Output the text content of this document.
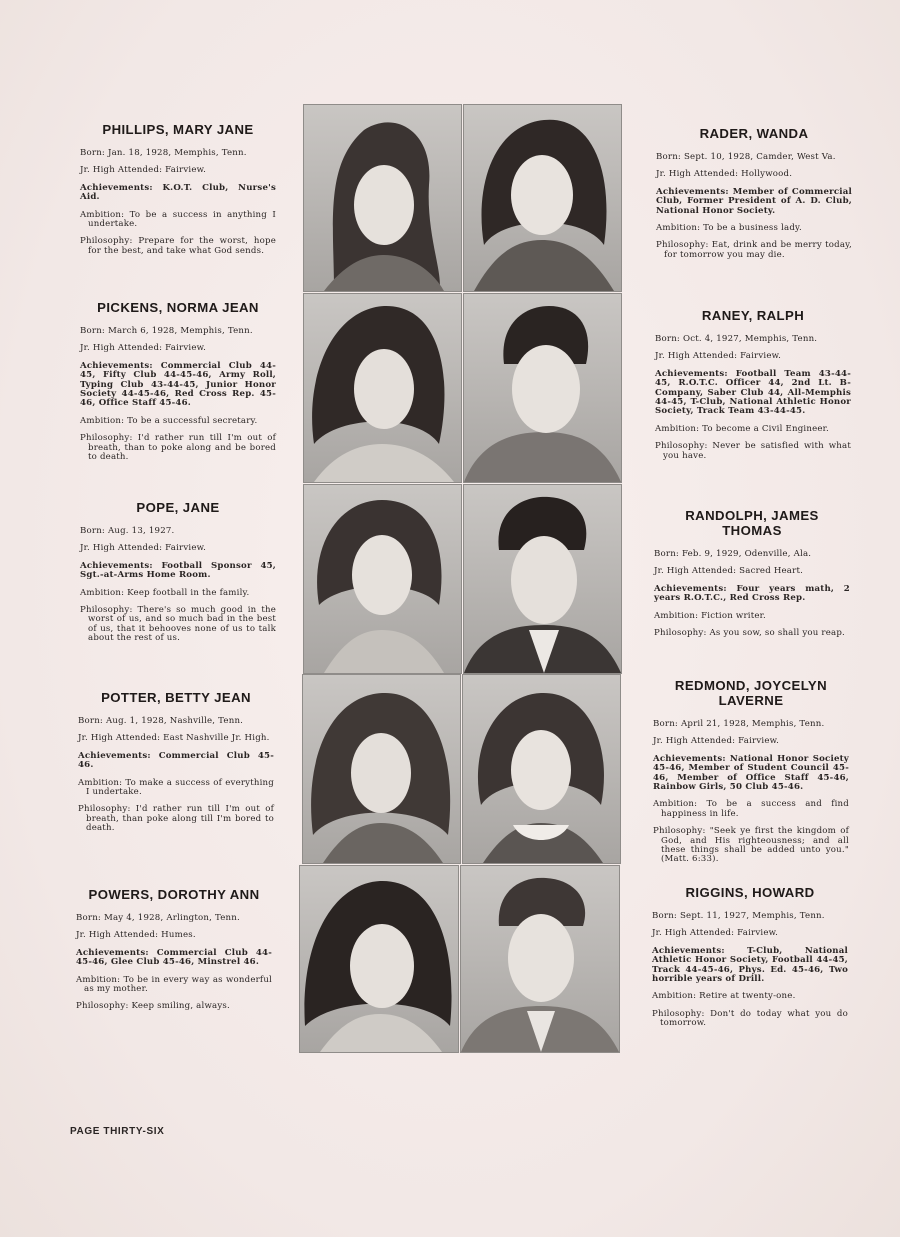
PHILLIPS, MARY JANE

Born: Jan. 18, 1928, Memphis, Tenn.

Jr. High Attended: Fairview.

Achievements: K.O.T. Club, Nurse's Aid.

Ambition: To be a success in anything I undertake.

Philosophy: Prepare for the worst, hope for the best, and take what God sends.

PICKENS, NORMA JEAN

Born: March 6, 1928, Memphis, Tenn.

Jr. High Attended: Fairview.

Achievements: Commercial Club 44-45, Fifty Club 44-45-46, Army Roll, Typing Club 43-44-45, Junior Honor Society 44-45-46, Red Cross Rep. 45-46, Office Staff 45-46.

Ambition: To be a successful secretary.

Philosophy: I'd rather run till I'm out of breath, than to poke along and be bored to death.

POPE, JANE

Born: Aug. 13, 1927.

Jr. High Attended: Fairview.

Achievements: Football Sponsor 45, Sgt.-at-Arms Home Room.

Ambition: Keep football in the family.

Philosophy: There's so much good in the worst of us, and so much bad in the best of us, that it behooves none of us to talk about the rest of us.

POTTER, BETTY JEAN

Born: Aug. 1, 1928, Nashville, Tenn.

Jr. High Attended: East Nashville Jr. High.

Achievements: Commercial Club 45-46.

Ambition: To make a success of everything I undertake.

Philosophy: I'd rather run till I'm out of breath, than poke along till I'm bored to death.

POWERS, DOROTHY ANN

Born: May 4, 1928, Arlington, Tenn.

Jr. High Attended: Humes.

Achievements: Commercial Club 44-45-46, Glee Club 45-46, Minstrel 46.

Ambition: To be in every way as wonderful as my mother.

Philosophy: Keep smiling, always.

RADER, WANDA

Born: Sept. 10, 1928, Camder, West Va.

Jr. High Attended: Hollywood.

Achievements: Member of Commercial Club, Former President of A. D. Club, National Honor Society.

Ambition: To be a business lady.

Philosophy: Eat, drink and be merry today, for tomorrow you may die.

RANEY, RALPH

Born: Oct. 4, 1927, Memphis, Tenn.

Jr. High Attended: Fairview.

Achievements: Football Team 43-44-45, R.O.T.C. Officer 44, 2nd Lt. B-Company, Saber Club 44, All-Memphis 44-45, T-Club, National Athletic Honor Society, Track Team 43-44-45.

Ambition: To become a Civil Engineer.

Philosophy: Never be satisfied with what you have.

RANDOLPH, JAMES THOMAS

Born: Feb. 9, 1929, Odenville, Ala.

Jr. High Attended: Sacred Heart.

Achievements: Four years math, 2 years R.O.T.C., Red Cross Rep.

Ambition: Fiction writer.

Philosophy: As you sow, so shall you reap.

REDMOND, JOYCELYN LAVERNE

Born: April 21, 1928, Memphis, Tenn.

Jr. High Attended: Fairview.

Achievements: National Honor Society 45-46, Member of Student Council 45-46, Member of Office Staff 45-46, Rainbow Girls, 50 Club 45-46.

Ambition: To be a success and find happiness in life.

Philosophy: "Seek ye first the kingdom of God, and His righteousness; and all these things shall be added unto you." (Matt. 6:33).

RIGGINS, HOWARD

Born: Sept. 11, 1927, Memphis, Tenn.

Jr. High Attended: Fairview.

Achievements: T-Club, National Athletic Honor Society, Football 44-45, Track 44-45-46, Phys. Ed. 45-46, Two horrible years of Drill.

Ambition: Retire at twenty-one.

Philosophy: Don't do today what you do tomorrow.

PAGE THIRTY-SIX
